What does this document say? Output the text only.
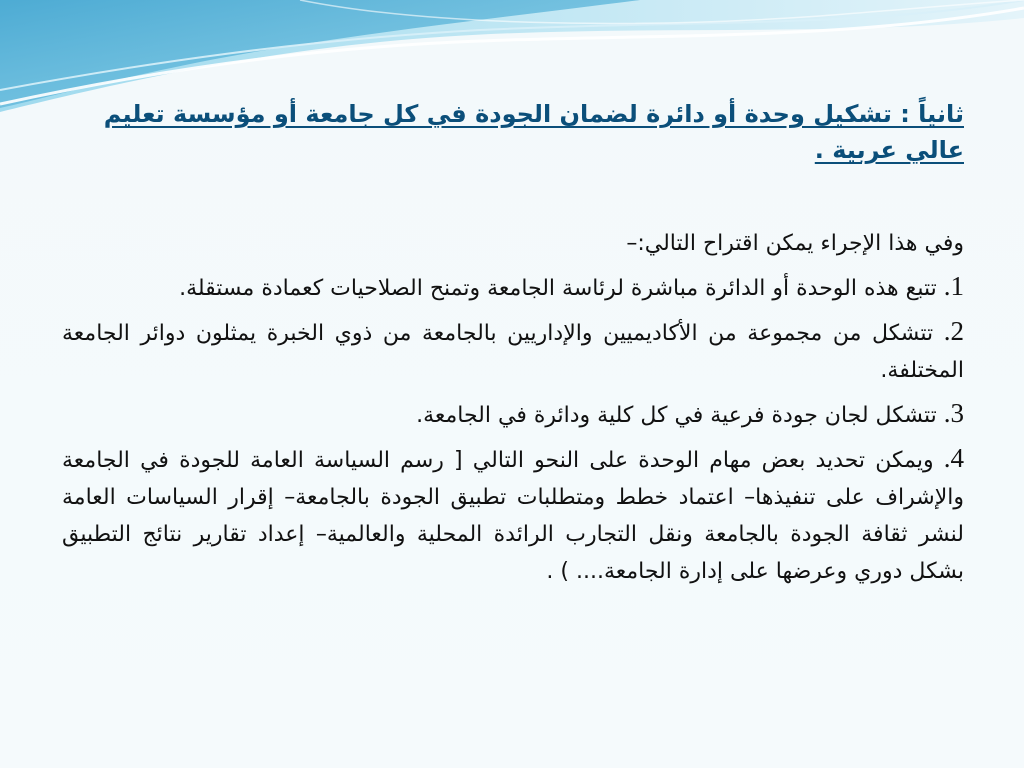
ثانياً : تشكيل وحدة أو دائرة لضمان الجودة في كل جامعة أو مؤسسة تعليم عالي عربية .

وفي هذا الإجراء يمكن اقتراح التالي:–

1. تتبع هذه الوحدة أو الدائرة مباشرة لرئاسة الجامعة وتمنح الصلاحيات كعمادة مستقلة.

2. تتشكل من مجموعة من الأكاديميين والإداريين بالجامعة من ذوي الخبرة يمثلون دوائر الجامعة المختلفة.

3. تتشكل لجان جودة فرعية في كل كلية ودائرة في الجامعة.

4. ويمكن تحديد بعض مهام الوحدة على النحو التالي [ رسم السياسة العامة للجودة في الجامعة والإشراف على تنفيذها– اعتماد خطط ومتطلبات تطبيق الجودة بالجامعة– إقرار السياسات العامة لنشر ثقافة الجودة بالجامعة ونقل التجارب الرائدة المحلية والعالمية– إعداد تقارير نتائج التطبيق بشكل دوري وعرضها على إدارة الجامعة.... ) .
